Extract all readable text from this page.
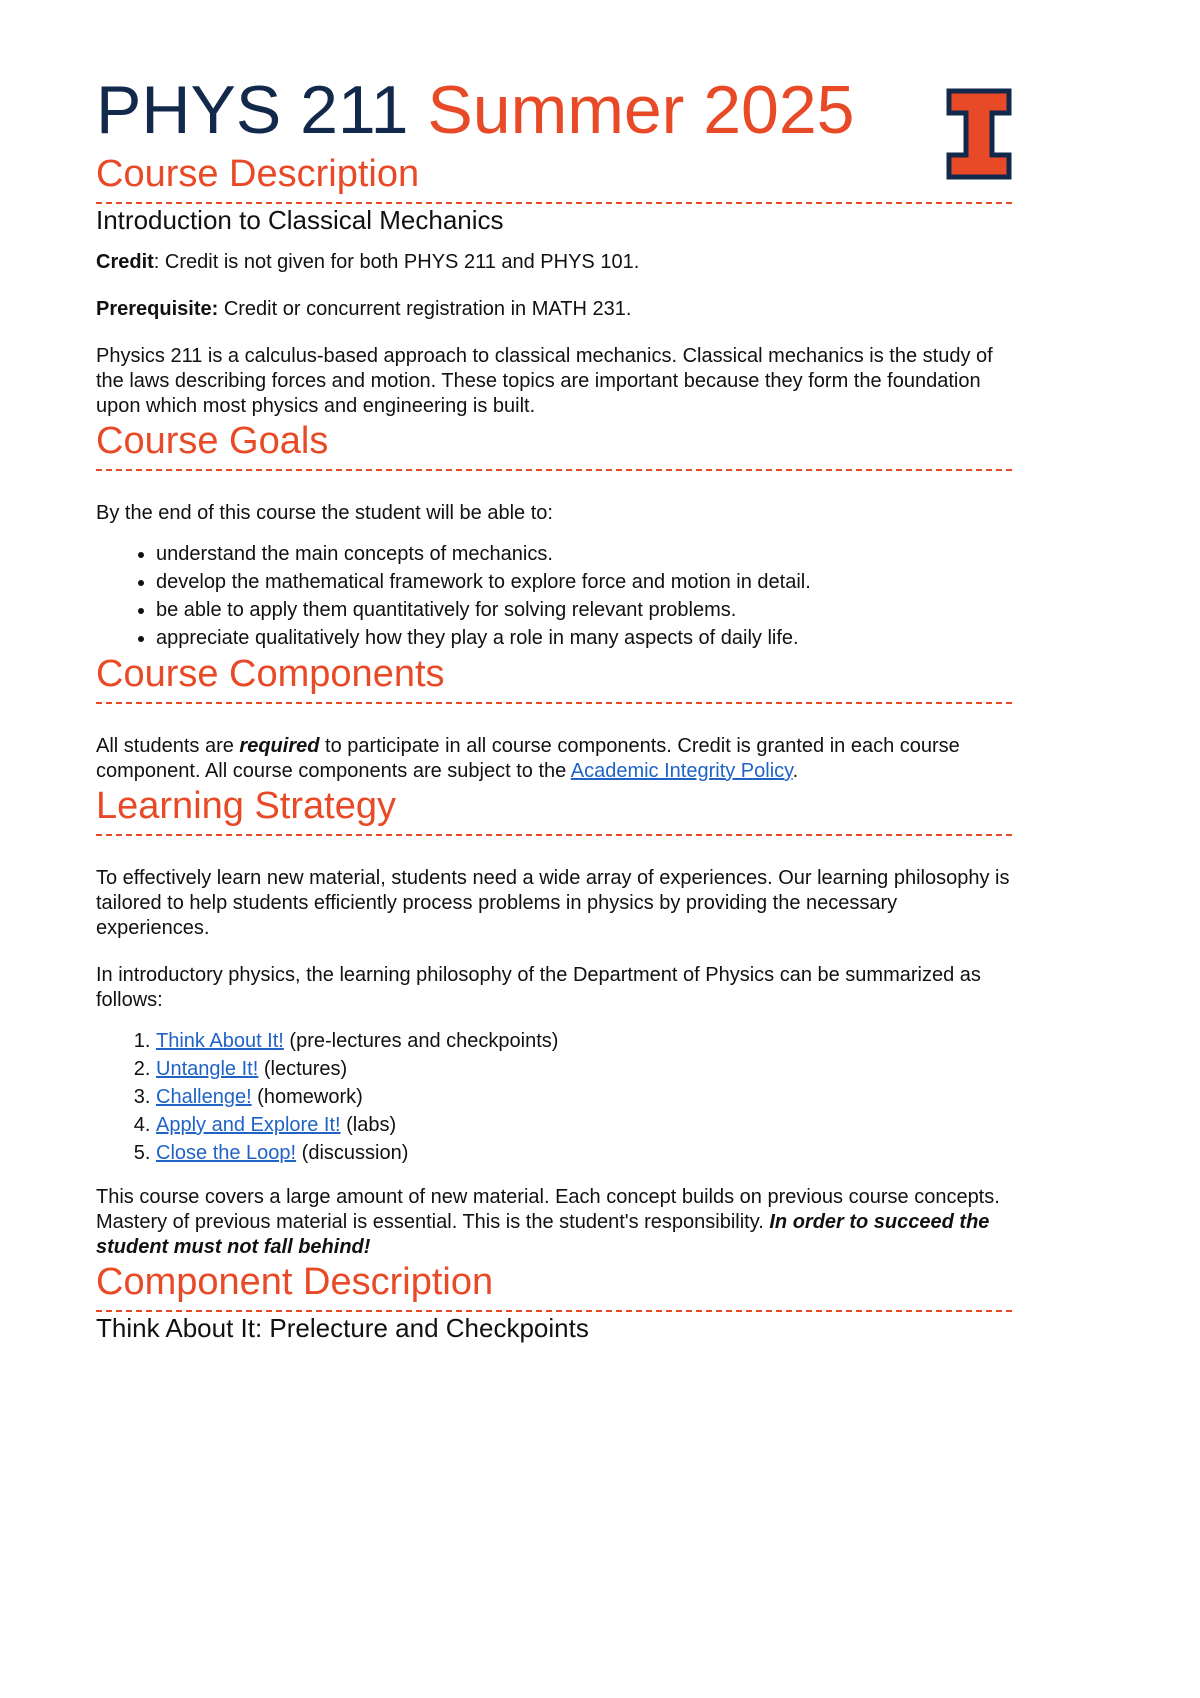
PHYS 211 Summer 2025
Course Description
Introduction to Classical Mechanics

Credit: Credit is not given for both PHYS 211 and PHYS 101.

Prerequisite: Credit or concurrent registration in MATH 231.

Physics 211 is a calculus-based approach to classical mechanics. Classical mechanics is the study of the laws describing forces and motion. These topics are important because they form the foundation upon which most physics and engineering is built.

Course Goals

By the end of this course the student will be able to:

• understand the main concepts of mechanics.
• develop the mathematical framework to explore force and motion in detail.
• be able to apply them quantitatively for solving relevant problems.
• appreciate qualitatively how they play a role in many aspects of daily life.
Course Components

All students are required to participate in all course components. Credit is granted in each course component. All course components are subject to the Academic Integrity Policy.

Learning Strategy

To effectively learn new material, students need a wide array of experiences. Our learning philosophy is tailored to help students efficiently process problems in physics by providing the necessary experiences.

In introductory physics, the learning philosophy of the Department of Physics can be summarized as follows:

1. Think About It! (pre-lectures and checkpoints)
2. Untangle It! (lectures)
3. Challenge! (homework)
4. Apply and Explore It! (labs)
5. Close the Loop! (discussion)

This course covers a large amount of new material. Each concept builds on previous course concepts. Mastery of previous material is essential. This is the student's responsibility. In order to succeed the student must not fall behind!

Component Description
Think About It: Prelecture and Checkpoints
